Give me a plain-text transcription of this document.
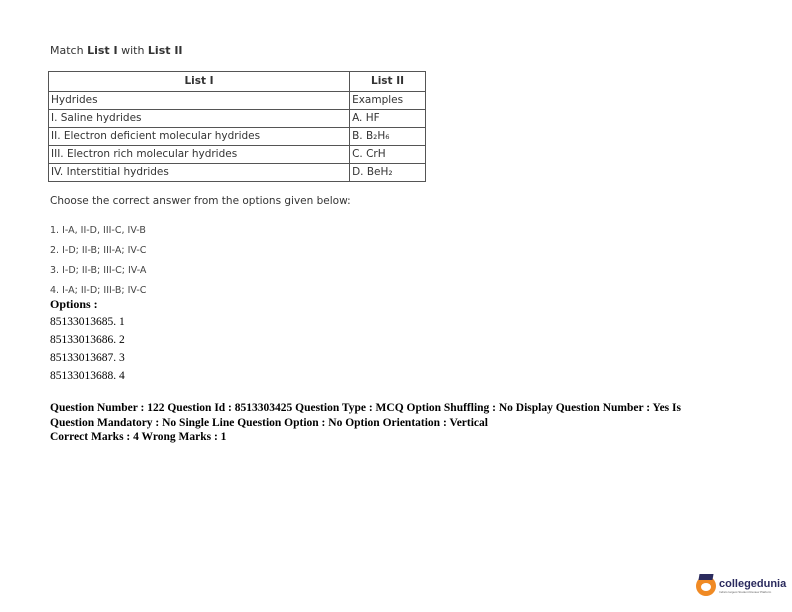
Match List I with List II
List I	List II
Hydrides	Examples
I. Saline hydrides	A. HF
II. Electron deficient molecular hydrides	B. B₂H₆
III. Electron rich molecular hydrides	C. CrH
IV. Interstitial hydrides	D. BeH₂
Choose the correct answer from the options given below:
1. I-A, II-D, III-C, IV-B
2. I-D; II-B; III-A; IV-C
3. I-D; II-B; III-C; IV-A
4. I-A; II-D; III-B; IV-C
Options :
85133013685. 1
85133013686. 2
85133013687. 3
85133013688. 4
Question Number : 122 Question Id : 8513303425 Question Type : MCQ Option Shuffling : No Display Question Number : Yes Is
Question Mandatory : No Single Line Question Option : No Option Orientation : Vertical
Correct Marks : 4 Wrong Marks : 1
collegedunia
India's largest Student Review Platform
